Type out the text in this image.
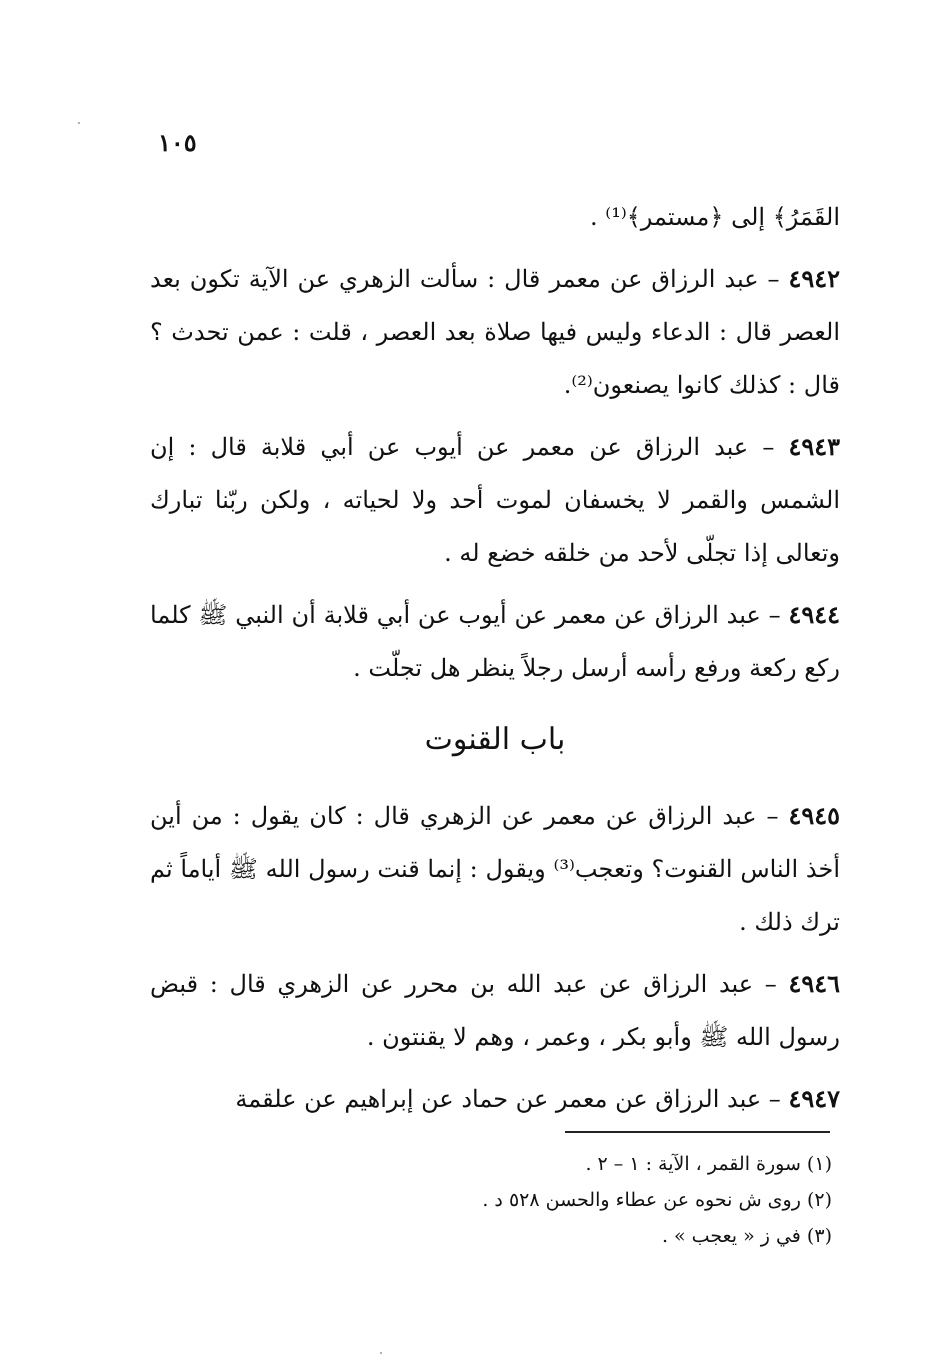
١٠٥

القَمَرُ﴾ إلى ﴿مستمر﴾⁽¹⁾ .

٤٩٤٢ – عبد الرزاق عن معمر قال : سألت الزهري عن الآية تكون بعد العصر قال : الدعاء وليس فيها صلاة بعد العصر ، قلت : عمن تحدث ؟ قال : كذلك كانوا يصنعون⁽²⁾.

٤٩٤٣ – عبد الرزاق عن معمر عن أيوب عن أبي قلابة قال : إن الشمس والقمر لا يخسفان لموت أحد ولا لحياته ، ولكن ربّنا تبارك وتعالى إذا تجلّى لأحد من خلقه خضع له .

٤٩٤٤ – عبد الرزاق عن معمر عن أيوب عن أبي قلابة أن النبي ﷺ كلما ركع ركعة ورفع رأسه أرسل رجلاً ينظر هل تجلّت .

باب القنوت

٤٩٤٥ – عبد الرزاق عن معمر عن الزهري قال : كان يقول : من أين أخذ الناس القنوت؟ وتعجب⁽³⁾ ويقول : إنما قنت رسول الله ﷺ أياماً ثم ترك ذلك .

٤٩٤٦ – عبد الرزاق عن عبد الله بن محرر عن الزهري قال : قبض رسول الله ﷺ وأبو بكر ، وعمر ، وهم لا يقنتون .

٤٩٤٧ – عبد الرزاق عن معمر عن حماد عن إبراهيم عن علقمة

(١) سورة القمر ، الآية : ١ – ٢ .

(٢) روى ش نحوه عن عطاء والحسن ٥٢٨ د .

(٣) في ز « يعجب » .
